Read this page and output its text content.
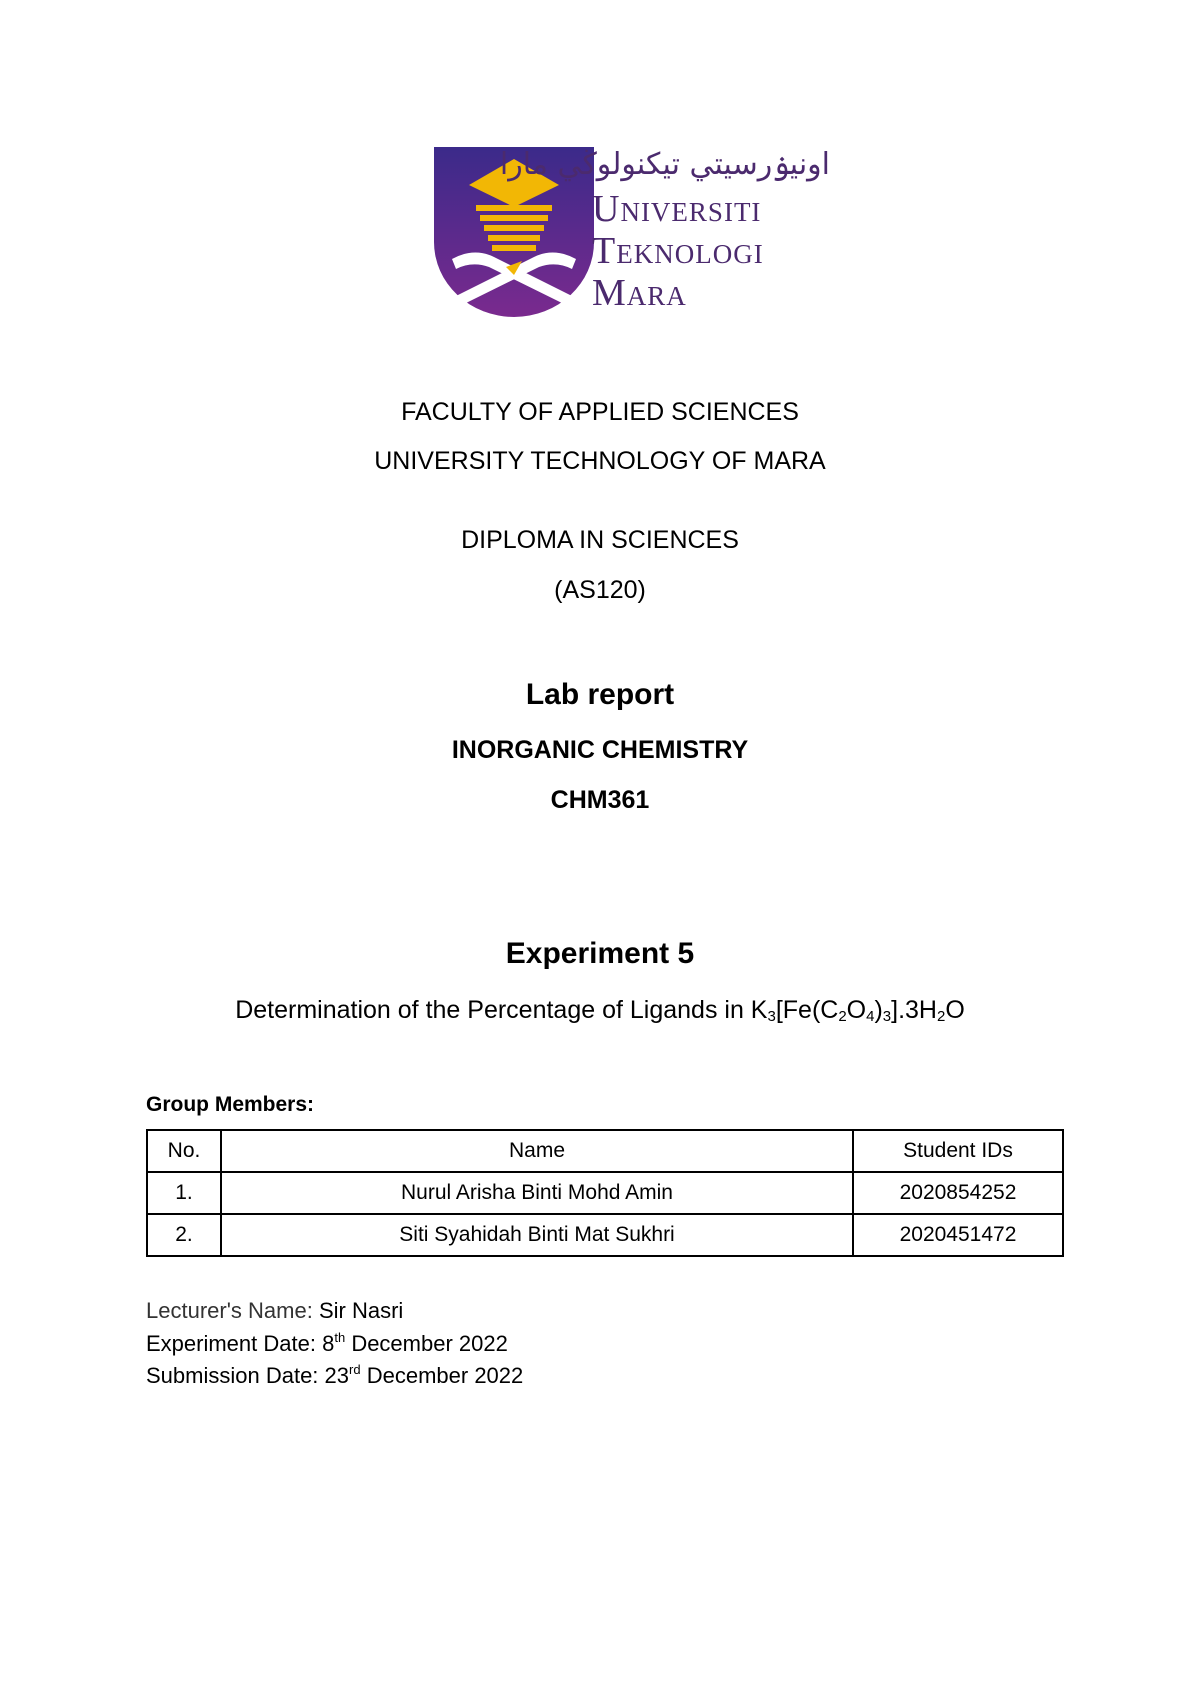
اونيۏرسيتي تيكنولوڬي مارا
Universiti
Teknologi
Mara
FACULTY OF APPLIED SCIENCES
UNIVERSITY TECHNOLOGY OF MARA
DIPLOMA IN SCIENCES
(AS120)
Lab report
INORGANIC CHEMISTRY
CHM361
Experiment 5
Determination of the Percentage of Ligands in $K_3[Fe(C_2O_4)_3].3H_2O$
Group Members:
No.	Name	Student IDs
1.	Nurul Arisha Binti Mohd Amin	2020854252
2.	Siti Syahidah Binti Mat Sukhri	2020451472
Lecturer's Name: Sir Nasri
Experiment Date: 8th December 2022
Submission Date: 23rd December 2022
